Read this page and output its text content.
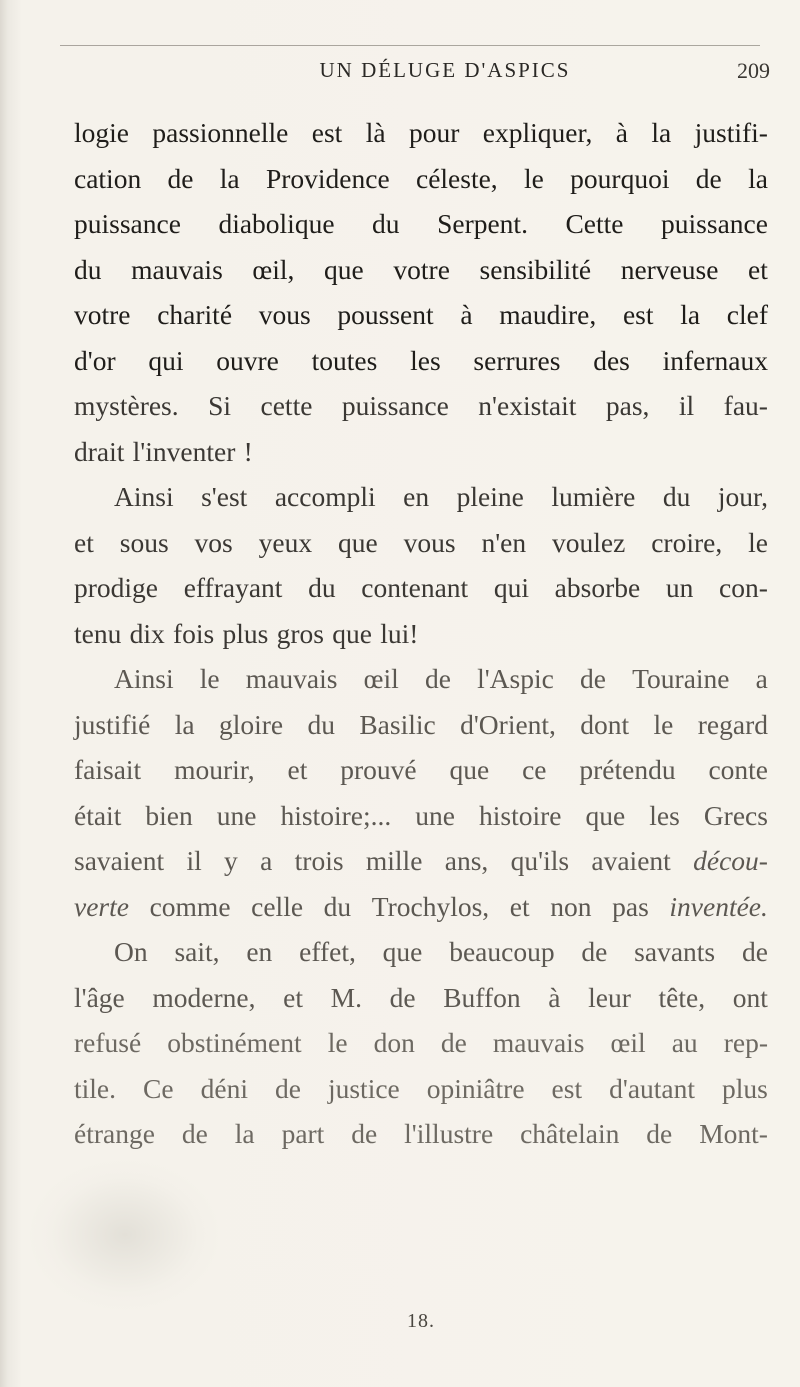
UN DÉLUGE D'ASPICS	209
logie passionnelle est là pour expliquer, à la justifi-
cation de la Providence céleste, le pourquoi de la
puissance diabolique du Serpent. Cette puissance
du mauvais œil, que votre sensibilité nerveuse et
votre charité vous poussent à maudire, est la clef
d'or qui ouvre toutes les serrures des infernaux
mystères. Si cette puissance n'existait pas, il fau-
drait l'inventer !
Ainsi s'est accompli en pleine lumière du jour,
et sous vos yeux que vous n'en voulez croire, le
prodige effrayant du contenant qui absorbe un con-
tenu dix fois plus gros que lui!
Ainsi le mauvais œil de l'Aspic de Touraine a
justifié la gloire du Basilic d'Orient, dont le regard
faisait mourir, et prouvé que ce prétendu conte
était bien une histoire;... une histoire que les Grecs
savaient il y a trois mille ans, qu'ils avaient décou-
verte comme celle du Trochylos, et non pas inventée.
On sait, en effet, que beaucoup de savants de
l'âge moderne, et M. de Buffon à leur tête, ont
refusé obstinément le don de mauvais œil au rep-
tile. Ce déni de justice opiniâtre est d'autant plus
étrange de la part de l'illustre châtelain de Mont-
18.
